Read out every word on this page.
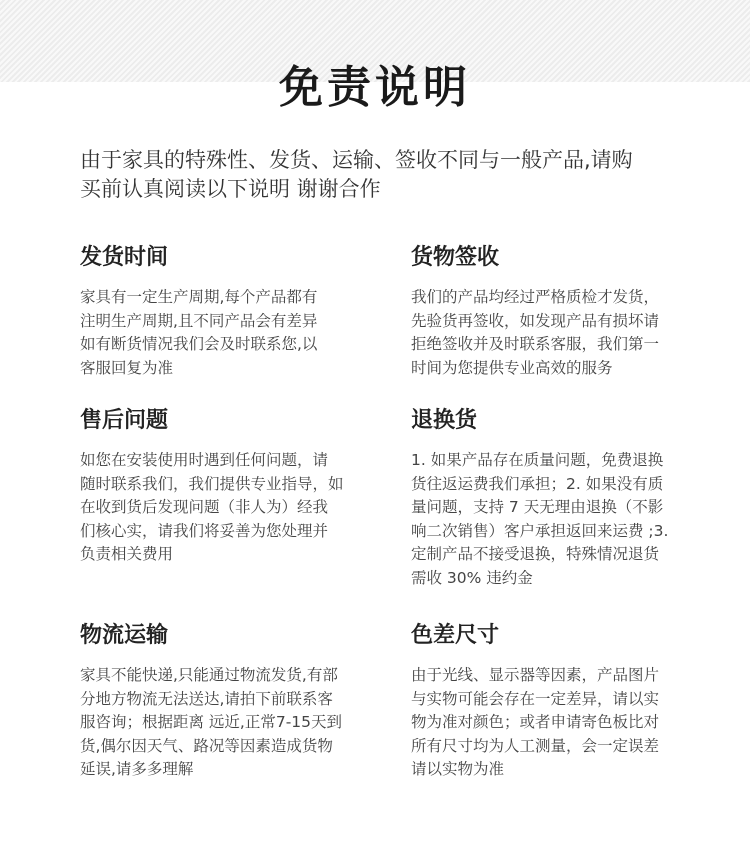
免责说明
由于家具的特殊性、发货、运输、签收不同与一般产品,请购
买前认真阅读以下说明 谢谢合作
发货时间
家具有一定生产周期,每个产品都有
注明生产周期,且不同产品会有差异
如有断货情况我们会及时联系您,以
客服回复为准
货物签收
我们的产品均经过严格质检才发货，
先验货再签收，如发现产品有损坏请
拒绝签收并及时联系客服，我们第一
时间为您提供专业高效的服务
售后问题
如您在安装使用时遇到任何问题，请
随时联系我们，我们提供专业指导，如
在收到货后发现问题（非人为）经我
们核心实，请我们将妥善为您处理并
负责相关费用
退换货
1. 如果产品存在质量问题，免费退换
货往返运费我们承担；2. 如果没有质
量问题，支持 7 天无理由退换（不影
响二次销售）客户承担返回来运费 ;3.
定制产品不接受退换，特殊情况退货
需收 30% 违约金
物流运输
家具不能快递,只能通过物流发货,有部
分地方物流无法送达,请拍下前联系客
服咨询；根据距离 远近,正常7-15天到
货,偶尔因天气、路况等因素造成货物
延误,请多多理解
色差尺寸
由于光线、显示器等因素，产品图片
与实物可能会存在一定差异，请以实
物为准对颜色；或者申请寄色板比对
所有尺寸均为人工测量，会一定误差
请以实物为准
